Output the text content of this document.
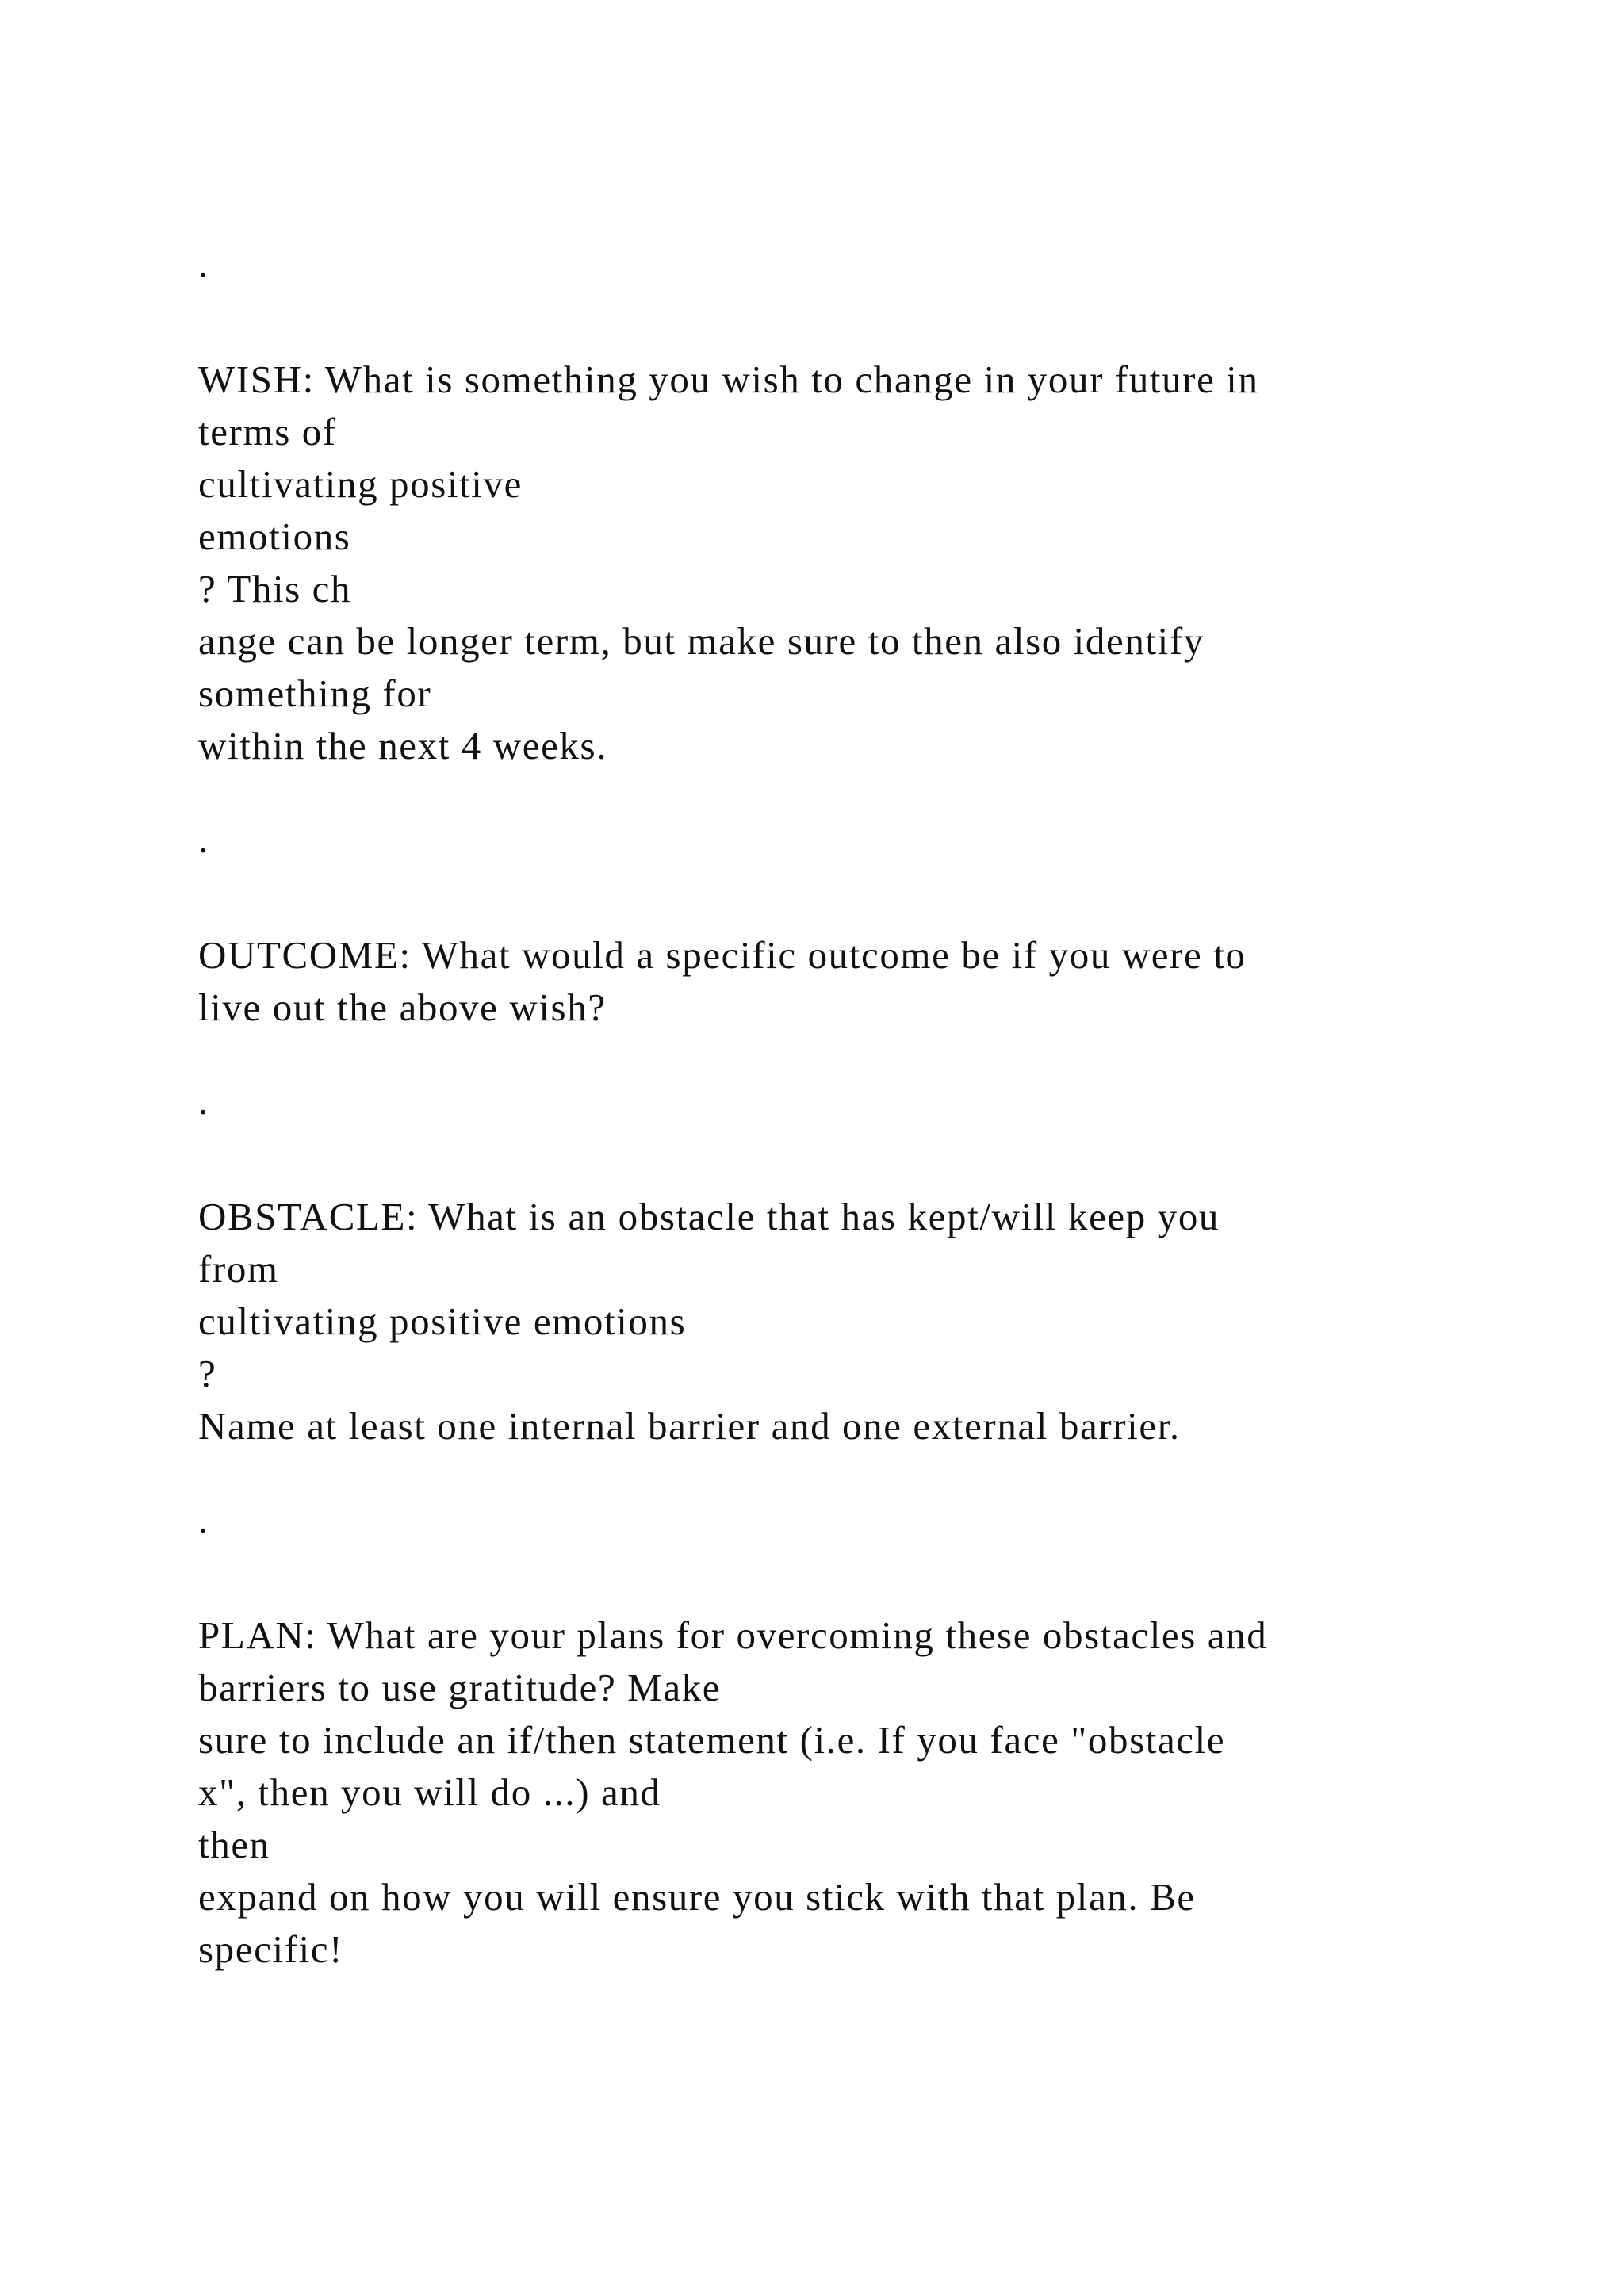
.
WISH: What is something you wish to change in your future in
terms of
cultivating positive
emotions
? This ch
ange can be longer term, but make sure to then also identify
something for
within the next 4 weeks.
.
OUTCOME: What would a specific outcome be if you were to
live out the above wish?
.
OBSTACLE: What is an obstacle that has kept/will keep you
from
cultivating positive emotions
?
Name at least one internal barrier and one external barrier.
.
PLAN: What are your plans for overcoming these obstacles and
barriers to use gratitude? Make
sure to include an if/then statement (i.e. If you face "obstacle
x", then you will do ...) and
then
expand on how you will ensure you stick with that plan. Be
specific!
